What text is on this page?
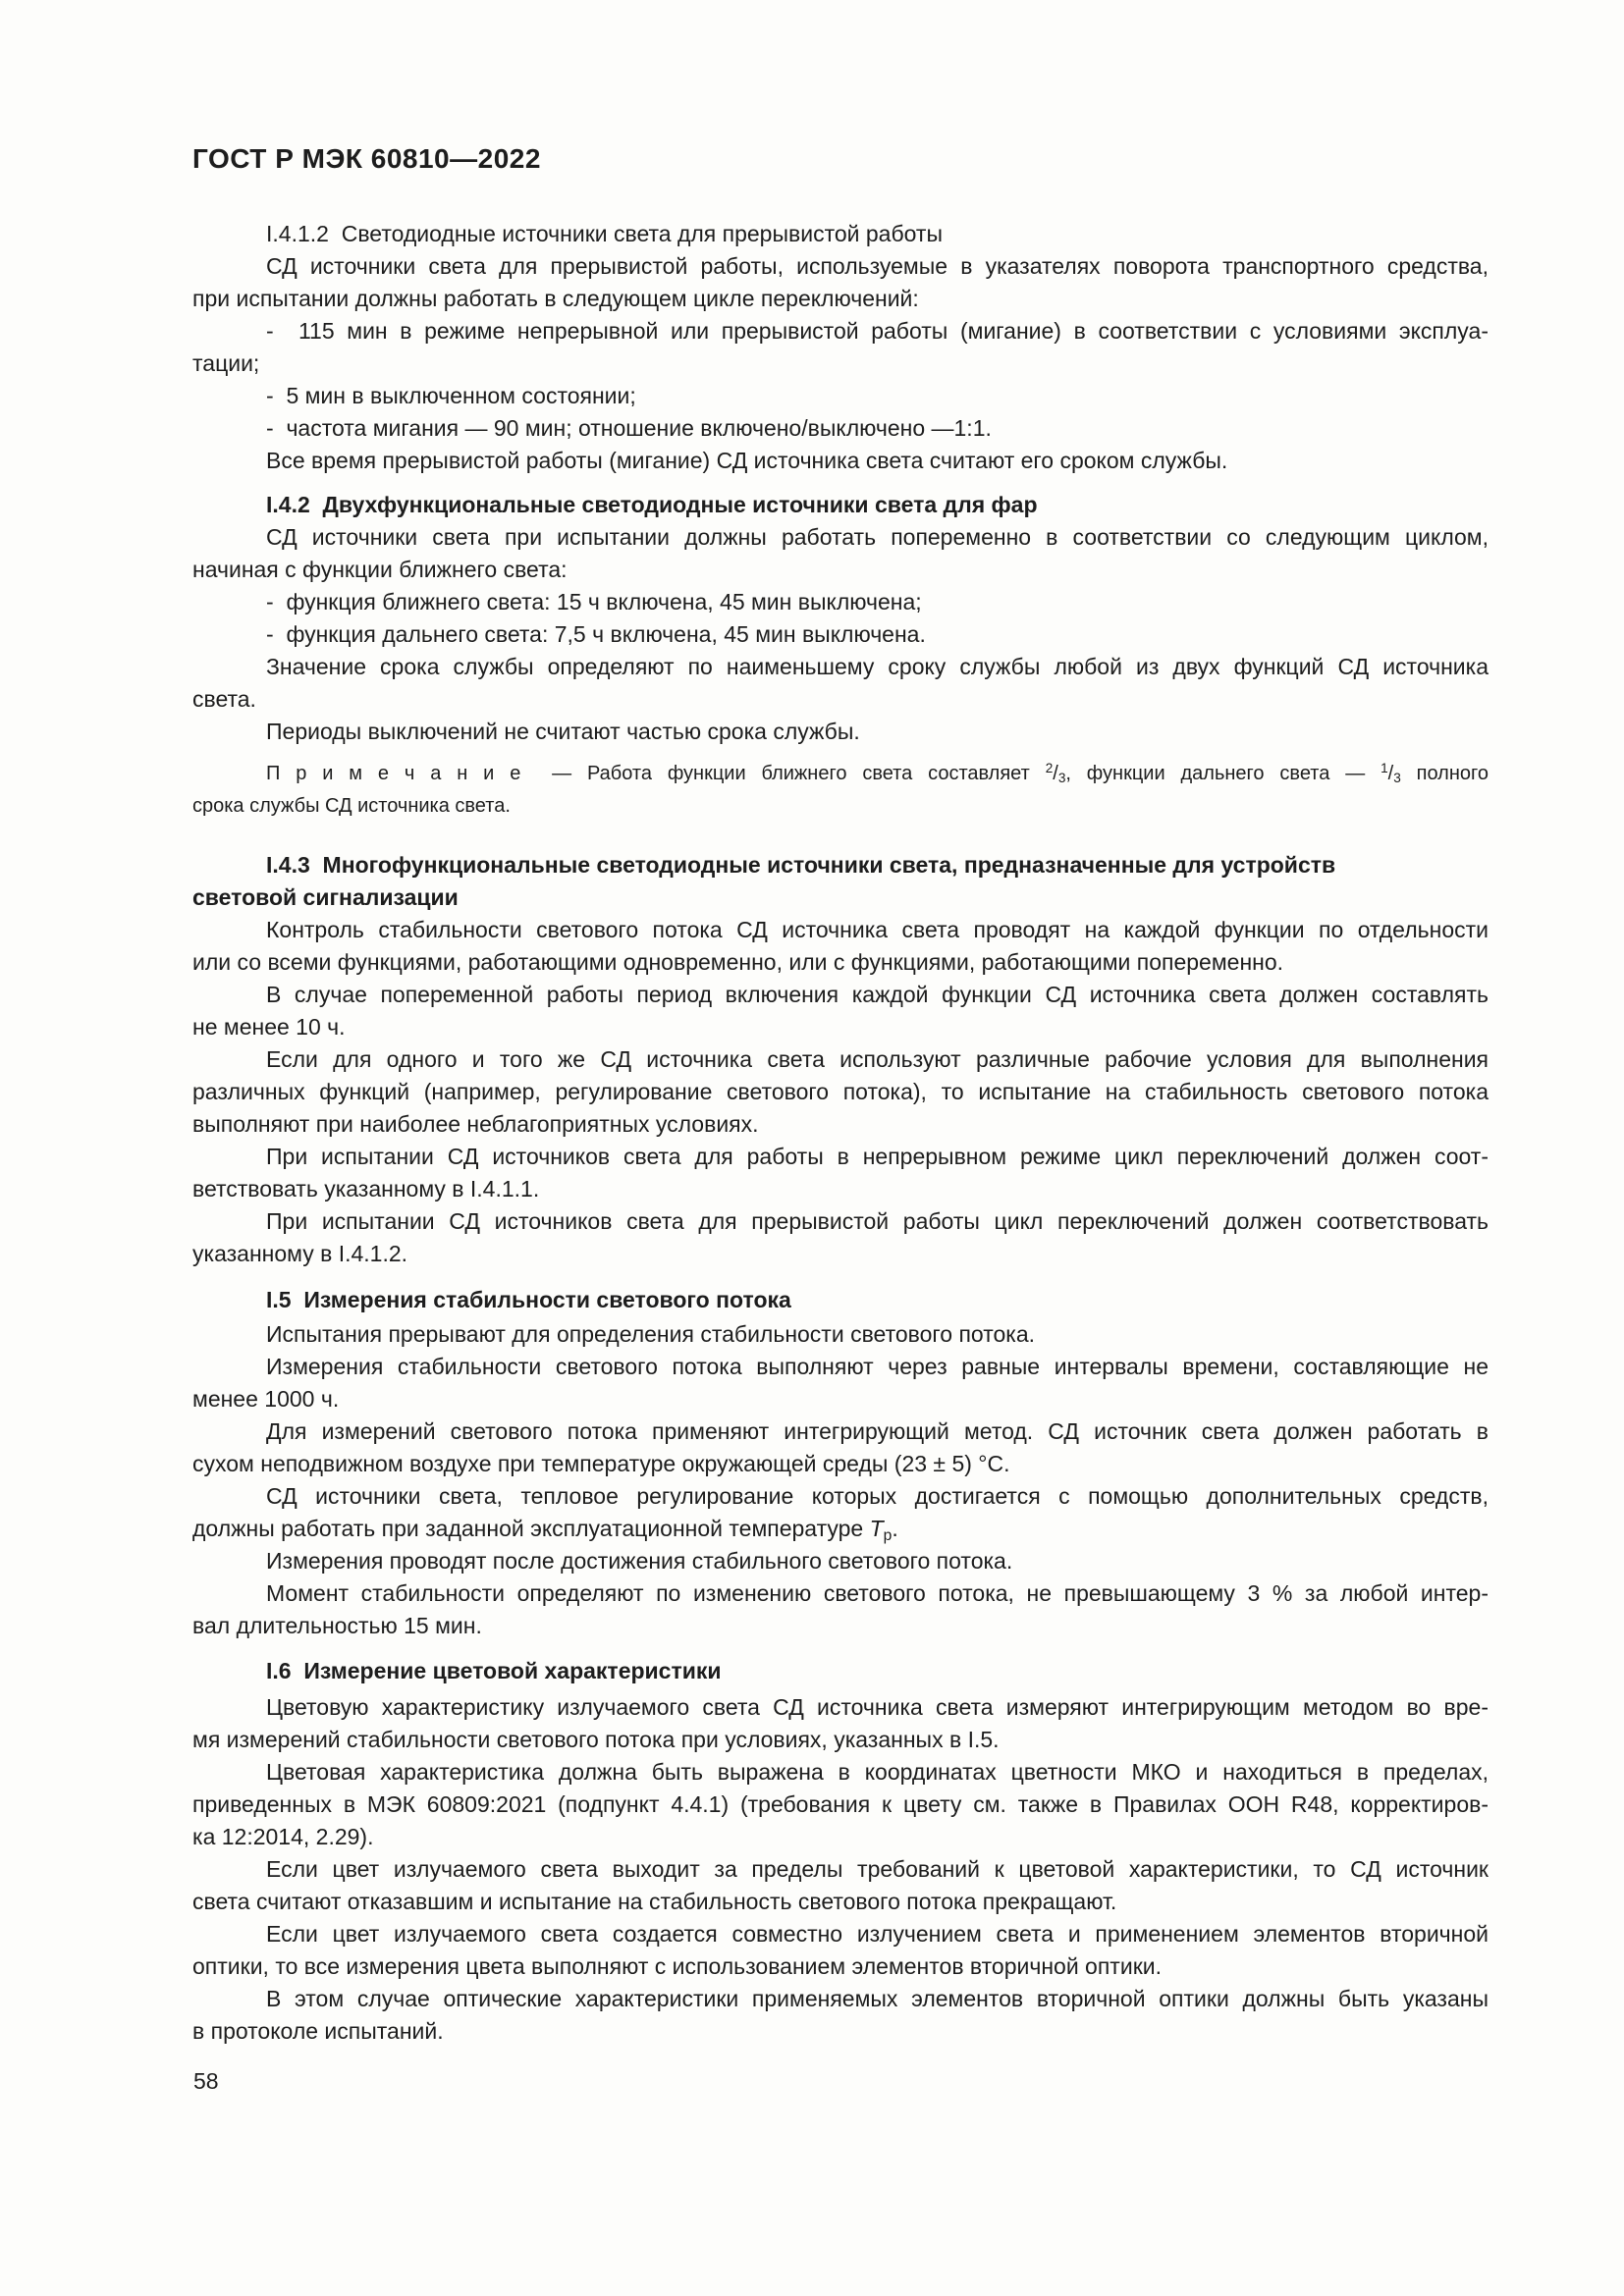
ГОСТ Р МЭК 60810—2022
I.4.1.2  Светодиодные источники света для прерывистой работы
СД источники света для прерывистой работы, используемые в указателях поворота транспортного средства,
при испытании должны работать в следующем цикле переключений:
-  115 мин в режиме непрерывной или прерывистой работы (мигание) в соответствии с условиями эксплуа-
тации;
-  5 мин в выключенном состоянии;
-  частота мигания — 90 мин; отношение включено/выключено —1:1.
Все время прерывистой работы (мигание) СД источника света считают его сроком службы.
I.4.2  Двухфункциональные светодиодные источники света для фар
СД источники света при испытании должны работать попеременно в соответствии со следующим циклом,
начиная с функции ближнего света:
-  функция ближнего света: 15 ч включена, 45 мин выключена;
-  функция дальнего света: 7,5 ч включена, 45 мин выключена.
Значение срока службы определяют по наименьшему сроку службы любой из двух функций СД источника
света.
Периоды выключений не считают частью срока службы.
П р и м е ч а н и е  — Работа функции ближнего света составляет $^2/_3$, функции дальнего света — $^1/_3$ полного
срока службы СД источника света.
I.4.3  Многофункциональные светодиодные источники света, предназначенные для устройств
световой сигнализации
Контроль стабильности светового потока СД источника света проводят на каждой функции по отдельности
или со всеми функциями, работающими одновременно, или с функциями, работающими попеременно.
В случае попеременной работы период включения каждой функции СД источника света должен составлять
не менее 10 ч.
Если для одного и того же СД источника света используют различные рабочие условия для выполнения
различных функций (например, регулирование светового потока), то испытание на стабильность светового потока
выполняют при наиболее неблагоприятных условиях.
При испытании СД источников света для работы в непрерывном режиме цикл переключений должен соот-
ветствовать указанному в I.4.1.1.
При испытании СД источников света для прерывистой работы цикл переключений должен соответствовать
указанному в I.4.1.2.
I.5  Измерения стабильности светового потока
Испытания прерывают для определения стабильности светового потока.
Измерения стабильности светового потока выполняют через равные интервалы времени, составляющие не
менее 1000 ч.
Для измерений светового потока применяют интегрирующий метод. СД источник света должен работать в
сухом неподвижном воздухе при температуре окружающей среды (23 ± 5) °С.
СД источники света, тепловое регулирование которых достигается с помощью дополнительных средств,
должны работать при заданной эксплуатационной температуре $T_p$.
Измерения проводят после достижения стабильного светового потока.
Момент стабильности определяют по изменению светового потока, не превышающему 3 % за любой интер-
вал длительностью 15 мин.
I.6  Измерение цветовой характеристики
Цветовую характеристику излучаемого света СД источника света измеряют интегрирующим методом во вре-
мя измерений стабильности светового потока при условиях, указанных в I.5.
Цветовая характеристика должна быть выражена в координатах цветности МКО и находиться в пределах,
приведенных в МЭК 60809:2021 (подпункт 4.4.1) (требования к цвету см. также в Правилах ООН R48, корректиров-
ка 12:2014, 2.29).
Если цвет излучаемого света выходит за пределы требований к цветовой характеристики, то СД источник
света считают отказавшим и испытание на стабильность светового потока прекращают.
Если цвет излучаемого света создается совместно излучением света и применением элементов вторичной
оптики, то все измерения цвета выполняют с использованием элементов вторичной оптики.
В этом случае оптические характеристики применяемых элементов вторичной оптики должны быть указаны
в протоколе испытаний.
58
